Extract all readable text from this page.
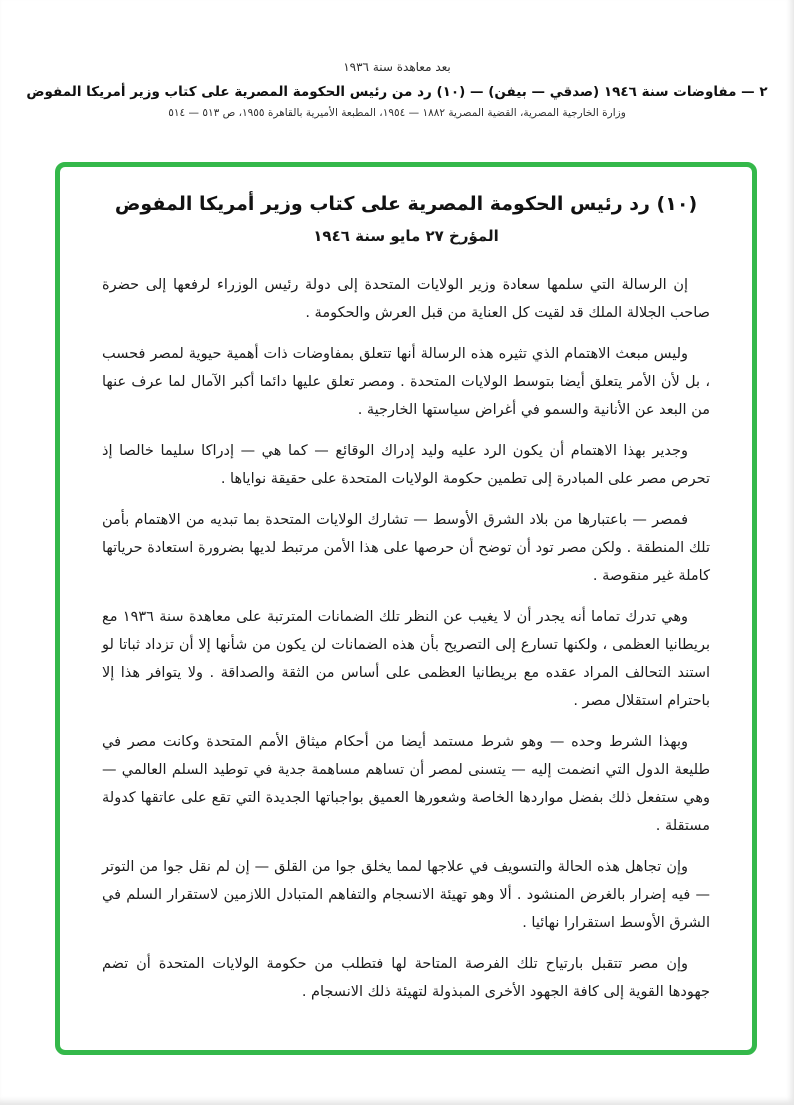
بعد معاهدة سنة ١٩٣٦
٢ — مفاوضات سنة ١٩٤٦ (صدقي — بيفن) — (١٠) رد من رئيس الحكومة المصرية على كتاب وزير أمريكا المفوض
وزارة الخارجية المصرية، القضية المصرية ١٨٨٢ — ١٩٥٤، المطبعة الأميرية بالقاهرة ١٩٥٥، ص ٥١٣ — ٥١٤
(١٠) رد رئيس الحكومة المصرية على كتاب وزير أمريكا المفوض
المؤرخ ٢٧ مايو سنة ١٩٤٦

إن الرسالة التي سلمها سعادة وزير الولايات المتحدة إلى دولة رئيس الوزراء لرفعها إلى حضرة صاحب الجلالة الملك قد لقيت كل العناية من قبل العرش والحكومة .

وليس مبعث الاهتمام الذي تثيره هذه الرسالة أنها تتعلق بمفاوضات ذات أهمية حيوية لمصر فحسب ، بل لأن الأمر يتعلق أيضا بتوسط الولايات المتحدة . ومصر تعلق عليها دائما أكبر الآمال لما عرف عنها من البعد عن الأنانية والسمو في أغراض سياستها الخارجية .

وجدير بهذا الاهتمام أن يكون الرد عليه وليد إدراك الوقائع — كما هي — إدراكا سليما خالصا إذ تحرص مصر على المبادرة إلى تطمين حكومة الولايات المتحدة على حقيقة نواياها .

فمصر — باعتبارها من بلاد الشرق الأوسط — تشارك الولايات المتحدة بما تبديه من الاهتمام بأمن تلك المنطقة . ولكن مصر تود أن توضح أن حرصها على هذا الأمن مرتبط لديها بضرورة استعادة حرياتها كاملة غير منقوصة .

وهي تدرك تماما أنه يجدر أن لا يغيب عن النظر تلك الضمانات المترتبة على معاهدة سنة ١٩٣٦ مع بريطانيا العظمى ، ولكنها تسارع إلى التصريح بأن هذه الضمانات لن يكون من شأنها إلا أن تزداد ثباتا لو استند التحالف المراد عقده مع بريطانيا العظمى على أساس من الثقة والصداقة . ولا يتوافر هذا إلا باحترام استقلال مصر .

وبهذا الشرط وحده — وهو شرط مستمد أيضا من أحكام ميثاق الأمم المتحدة وكانت مصر في طليعة الدول التي انضمت إليه — يتسنى لمصر أن تساهم مساهمة جدية في توطيد السلم العالمي — وهي ستفعل ذلك بفضل مواردها الخاصة وشعورها العميق بواجباتها الجديدة التي تقع على عاتقها كدولة مستقلة .

وإن تجاهل هذه الحالة والتسويف في علاجها لمما يخلق جوا من القلق — إن لم نقل جوا من التوتر — فيه إضرار بالغرض المنشود . ألا وهو تهيئة الانسجام والتفاهم المتبادل اللازمين لاستقرار السلم في الشرق الأوسط استقرارا نهائيا .

وإن مصر تتقبل بارتياح تلك الفرصة المتاحة لها فتطلب من حكومة الولايات المتحدة أن تضم جهودها القوية إلى كافة الجهود الأخرى المبذولة لتهيئة ذلك الانسجام .
